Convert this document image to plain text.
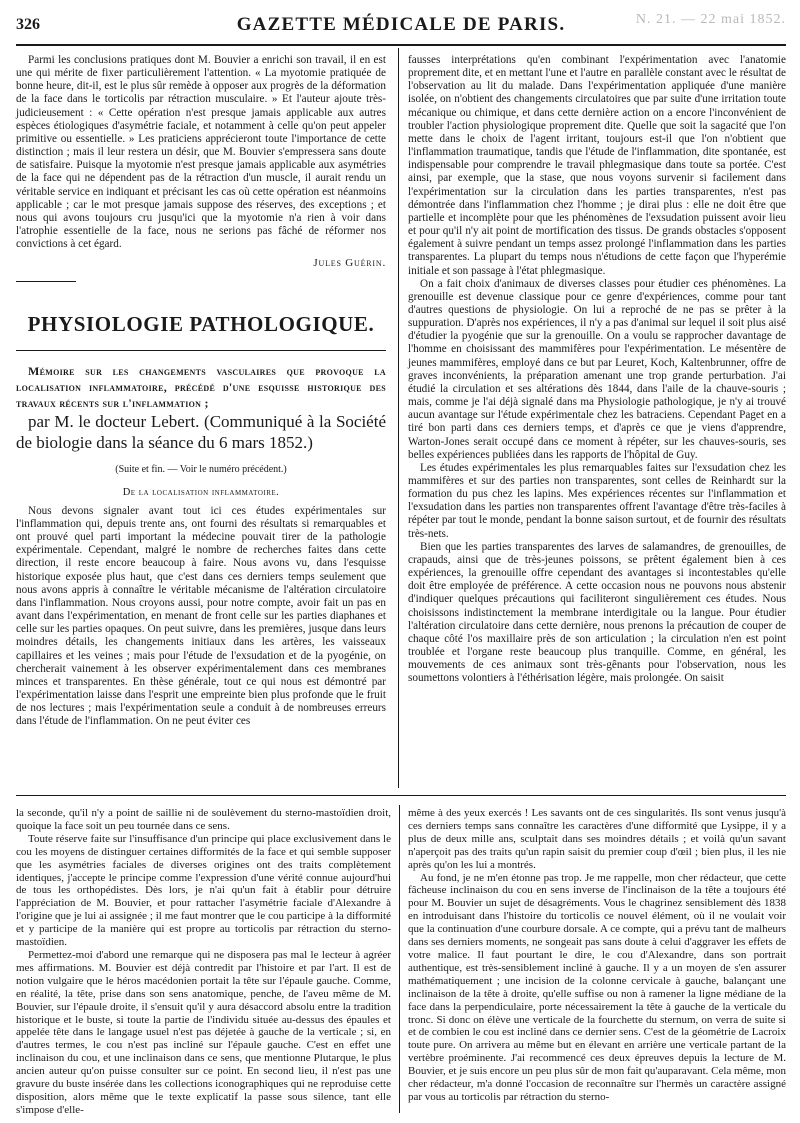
326	GAZETTE MÉDICALE DE PARIS.	N. 21. — 22 mai 1852.

Parmi les conclusions pratiques dont M. Bouvier a enrichi son travail, il en est une qui mérite de fixer particulièrement l'attention. « La myotomie pratiquée de bonne heure, dit-il, est le plus sûr remède à opposer aux progrès de la déformation de la face dans le torticolis par rétraction musculaire. » Et l'auteur ajoute très-judicieusement : « Cette opération n'est presque jamais applicable aux autres espèces étiologiques d'asymétrie faciale, et notamment à celle qu'on peut appeler primitive ou essentielle. » Les praticiens apprécieront toute l'importance de cette distinction ; mais il leur restera un désir, que M. Bouvier s'empressera sans doute de satisfaire. Puisque la myotomie n'est presque jamais applicable aux asymétries de la face qui ne dépendent pas de la rétraction d'un muscle, il aurait rendu un véritable service en indiquant et précisant les cas où cette opération est néanmoins applicable ; car le mot presque jamais suppose des réserves, des exceptions ; et nous qui avons toujours cru jusqu'ici que la myotomie n'a rien à voir dans l'atrophie essentielle de la face, nous ne serions pas fâché de réformer nos convictions à cet égard.

Jules Guérin.
PHYSIOLOGIE PATHOLOGIQUE.

Mémoire sur les changements vasculaires que provoque la localisation inflammatoire, précédé d'une esquisse historique des travaux récents sur l'inflammation ;

par M. le docteur Lebert. (Communiqué à la Société de biologie dans la séance du 6 mars 1852.)

(Suite et fin. — Voir le numéro précédent.)
De la localisation inflammatoire.

Nous devons signaler avant tout ici ces études expérimentales sur l'inflammation qui, depuis trente ans, ont fourni des résultats si remarquables et ont prouvé quel parti important la médecine pouvait tirer de la pathologie expérimentale. Cependant, malgré le nombre de recherches faites dans cette direction, il reste encore beaucoup à faire. Nous avons vu, dans l'esquisse historique exposée plus haut, que c'est dans ces derniers temps seulement que nous avons appris à connaître le véritable mécanisme de l'altération circulatoire dans l'inflammation. Nous croyons aussi, pour notre compte, avoir fait un pas en avant dans l'expérimentation, en menant de front celle sur les parties diaphanes et celle sur les parties opaques. On peut suivre, dans les premières, jusque dans leurs moindres détails, les changements initiaux dans les artères, les vaisseaux capillaires et les veines ; mais pour l'étude de l'exsudation et de la pyogénie, on chercherait vainement à les observer expérimentalement dans ces membranes minces et transparentes. En thèse générale, tout ce qui nous est démontré par l'expérimentation laisse dans l'esprit une empreinte bien plus profonde que le fruit de nos lectures ; mais l'expérimentation seule a conduit à de nombreuses erreurs dans l'étude de l'inflammation. On ne peut éviter ces

fausses interprétations qu'en combinant l'expérimentation avec l'anatomie proprement dite, et en mettant l'une et l'autre en parallèle constant avec le résultat de l'observation au lit du malade. Dans l'expérimentation appliquée d'une manière isolée, on n'obtient des changements circulatoires que par suite d'une irritation toute mécanique ou chimique, et dans cette dernière action on a encore l'inconvénient de troubler l'action physiologique proprement dite. Quelle que soit la sagacité que l'on mette dans le choix de l'agent irritant, toujours est-il que l'on n'obtient que l'inflammation traumatique, tandis que l'étude de l'inflammation, dite spontanée, est indispensable pour comprendre le travail phlegmasique dans toute sa portée. C'est ainsi, par exemple, que la stase, que nous voyons survenir si facilement dans l'expérimentation sur la circulation dans les parties transparentes, n'est pas démontrée dans l'inflammation chez l'homme ; je dirai plus : elle ne doit être que partielle et incomplète pour que les phénomènes de l'exsudation puissent avoir lieu et pour qu'il n'y ait point de mortification des tissus. De grands obstacles s'opposent également à suivre pendant un temps assez prolongé l'inflammation dans les parties transparentes. La plupart du temps nous n'étudions de cette façon que l'hyperémie initiale et son passage à l'état phlegmasique.

On a fait choix d'animaux de diverses classes pour étudier ces phénomènes. La grenouille est devenue classique pour ce genre d'expériences, comme pour tant d'autres questions de physiologie. On lui a reproché de ne pas se prêter à la suppuration. D'après nos expériences, il n'y a pas d'animal sur lequel il soit plus aisé d'étudier la pyogénie que sur la grenouille. On a voulu se rapprocher davantage de l'homme en choisissant des mammifères pour l'expérimentation. Le mésentère de jeunes mammifères, employé dans ce but par Leuret, Koch, Kaltenbrunner, offre de graves inconvénients, la préparation amenant une trop grande perturbation. J'ai étudié la circulation et ses altérations dès 1844, dans l'aile de la chauve-souris ; mais, comme je l'ai déjà signalé dans ma Physiologie pathologique, je n'y ai trouvé aucun avantage sur l'étude expérimentale chez les batraciens. Cependant Paget en a tiré bon parti dans ces derniers temps, et d'après ce que je viens d'apprendre, Warton-Jones serait occupé dans ce moment à répéter, sur les chauves-souris, ses belles expériences publiées dans les rapports de l'hôpital de Guy.

Les études expérimentales les plus remarquables faites sur l'exsudation chez les mammifères et sur des parties non transparentes, sont celles de Reinhardt sur la formation du pus chez les lapins. Mes expériences récentes sur l'inflammation et l'exsudation dans les parties non transparentes offrent l'avantage d'être très-faciles à répéter par tout le monde, pendant la bonne saison surtout, et de fournir des résultats très-nets.

Bien que les parties transparentes des larves de salamandres, de grenouilles, de crapauds, ainsi que de très-jeunes poissons, se prêtent également bien à ces expériences, la grenouille offre cependant des avantages si incontestables qu'elle doit être employée de préférence. A cette occasion nous ne pouvons nous abstenir d'indiquer quelques précautions qui faciliteront singulièrement ces études. Nous choisissons indistinctement la membrane interdigitale ou la langue. Pour étudier l'altération circulatoire dans cette dernière, nous prenons la précaution de couper de chaque côté l'os maxillaire près de son articulation ; la circulation n'en est point troublée et l'organe reste beaucoup plus tranquille. Comme, en général, les mouvements de ces animaux sont très-gênants pour l'observation, nous les soumettons volontiers à l'éthérisation légère, mais prolongée. On saisit

la seconde, qu'il n'y a point de saillie ni de soulèvement du sterno-mastoïdien droit, quoique la face soit un peu tournée dans ce sens.

Toute réserve faite sur l'insuffisance d'un principe qui place exclusivement dans le cou les moyens de distinguer certaines difformités de la face et qui semble supposer que les asymétries faciales de diverses origines ont des traits complètement identiques, j'accepte le principe comme l'expression d'une vérité connue aujourd'hui de tous les orthopédistes. Dès lors, je n'ai qu'un fait à établir pour détruire l'appréciation de M. Bouvier, et pour rattacher l'asymétrie faciale d'Alexandre à l'origine que je lui ai assignée ; il me faut montrer que le cou participe à la difformité et y participe de la manière qui est propre au torticolis par rétraction du sterno-mastoïdien.

Permettez-moi d'abord une remarque qui ne disposera pas mal le lecteur à agréer mes affirmations. M. Bouvier est déjà contredit par l'histoire et par l'art. Il est de notion vulgaire que le héros macédonien portait la tête sur l'épaule gauche. Comme, en réalité, la tête, prise dans son sens anatomique, penche, de l'aveu même de M. Bouvier, sur l'épaule droite, il s'ensuit qu'il y aura désaccord absolu entre la tradition historique et le buste, si toute la partie de l'individu située au-dessus des épaules et appelée tête dans le langage usuel n'est pas déjetée à gauche de la verticale ; si, en d'autres termes, le cou n'est pas incliné sur l'épaule gauche. C'est en effet une inclinaison du cou, et une inclinaison dans ce sens, que mentionne Plutarque, le plus ancien auteur qu'on puisse consulter sur ce point. En second lieu, il n'est pas une gravure du buste insérée dans les collections iconographiques qui ne reproduise cette disposition, alors même que le texte explicatif la passe sous silence, tant elle s'impose d'elle-

même à des yeux exercés ! Les savants ont de ces singularités. Ils sont venus jusqu'à ces derniers temps sans connaître les caractères d'une difformité que Lysippe, il y a plus de deux mille ans, sculptait dans ses moindres détails ; et voilà qu'un savant n'aperçoit pas des traits qu'un rapin saisit du premier coup d'œil ; bien plus, il les nie après qu'on les lui a montrés.

Au fond, je ne m'en étonne pas trop. Je me rappelle, mon cher rédacteur, que cette fâcheuse inclinaison du cou en sens inverse de l'inclinaison de la tête a toujours été pour M. Bouvier un sujet de désagréments. Vous le chagrinez sensiblement dès 1838 en introduisant dans l'histoire du torticolis ce nouvel élément, où il ne voulait voir que la continuation d'une courbure dorsale. A ce compte, qui a prévu tant de malheurs dans ses derniers moments, ne songeait pas sans doute à celui d'aggraver les effets de votre malice. Il faut pourtant le dire, le cou d'Alexandre, dans son portrait authentique, est très-sensiblement incliné à gauche. Il y a un moyen de s'en assurer mathématiquement ; une incision de la colonne cervicale à gauche, balançant une inclinaison de la tête à droite, qu'elle suffise ou non à ramener la ligne médiane de la face dans la perpendiculaire, porte nécessairement la tête à gauche de la verticale du tronc. Si donc on élève une verticale de la fourchette du sternum, on verra de suite si et de combien le cou est incliné dans ce dernier sens. C'est de la géométrie de Lacroix toute pure. On arrivera au même but en élevant en arrière une verticale partant de la vertèbre proéminente. J'ai recommencé ces deux épreuves depuis la lecture de M. Bouvier, et je suis encore un peu plus sûr de mon fait qu'auparavant. Cela même, mon cher rédacteur, m'a donné l'occasion de reconnaître sur l'hermès un caractère assigné par vous au torticolis par rétraction du sterno-
